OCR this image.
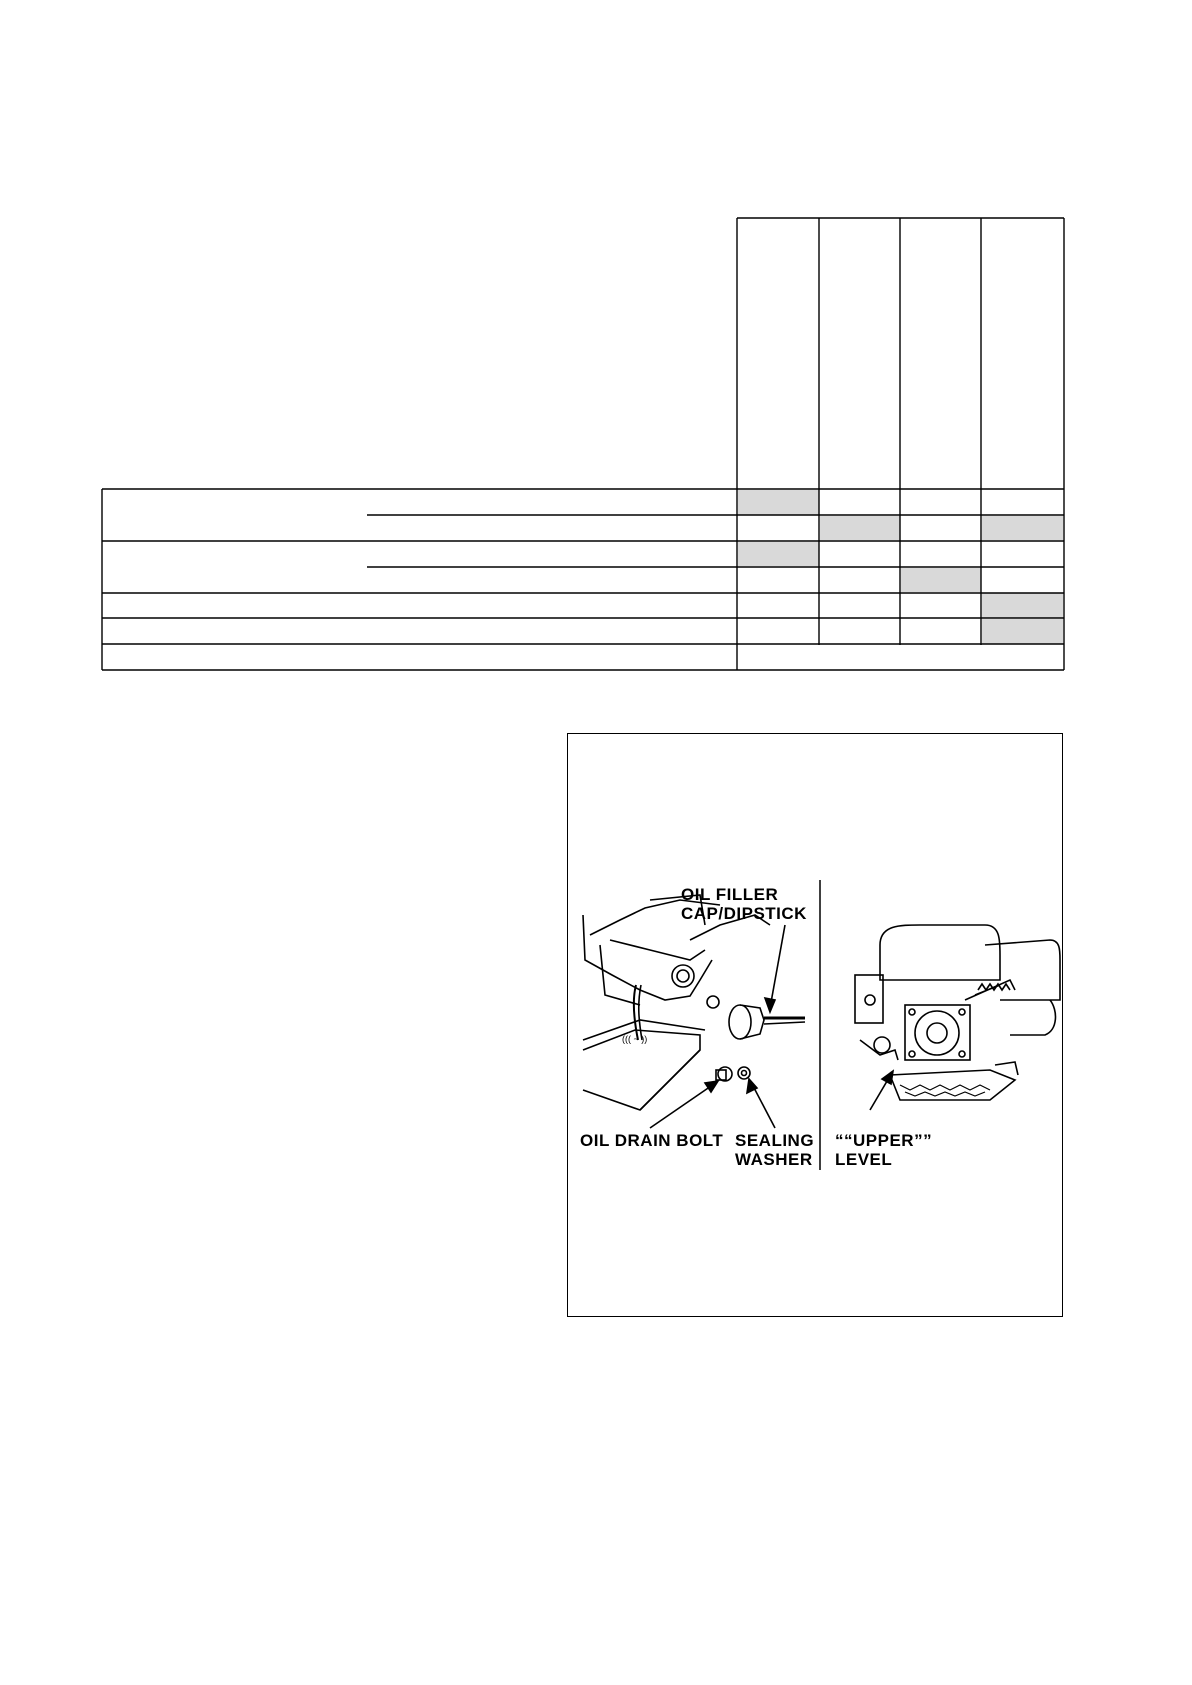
((( ~ ))
OIL FILLER
CAP/DIPSTICK
OIL DRAIN BOLT SEALING
WASHER
““UPPER””
LEVEL
